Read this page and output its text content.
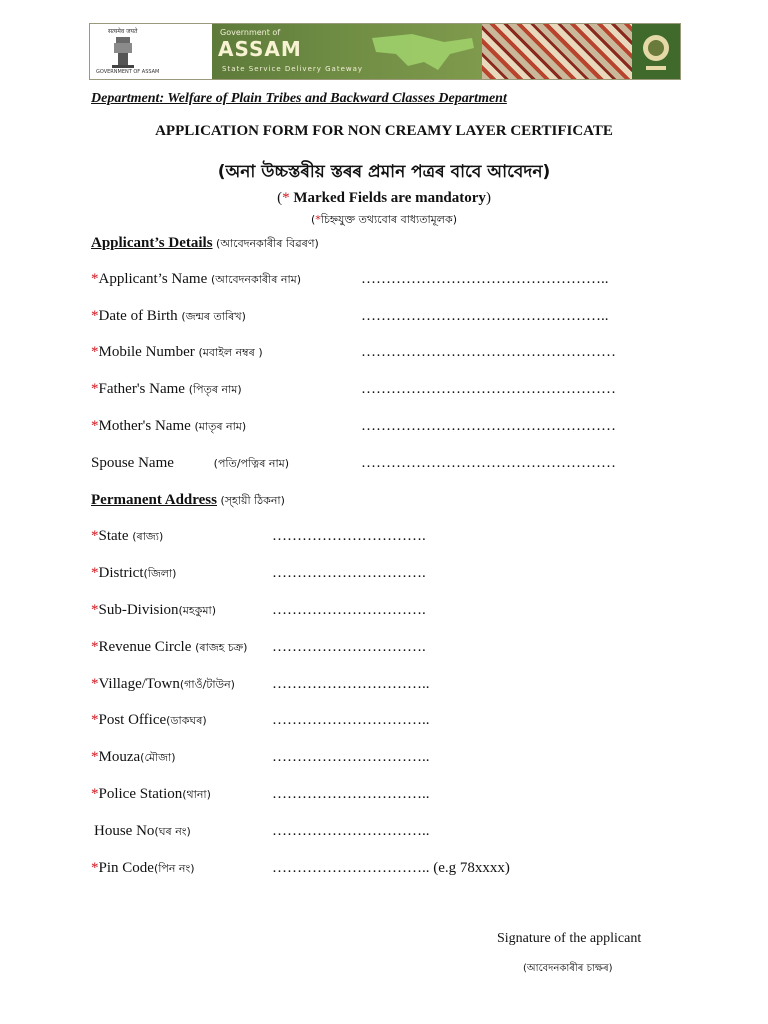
सत्यमेव जयते
GOVERNMENT OF ASSAM
Government of
ASSAM
State Service Delivery Gateway
Department: Welfare of Plain Tribes and Backward Classes Department
APPLICATION FORM FOR NON CREAMY LAYER CERTIFICATE
(অনা উচ্চস্তৰীয় স্তৰৰ প্ৰমান পত্ৰৰ বাবে আবেদন)
(* Marked Fields are mandatory)
(*চিহ্নযুক্ত তথ্যবোৰ বাধ্যতামূলক)
Applicant’s Details (আবেদনকাৰীৰ বিৱৰণ)
*Applicant’s Name (আবেদনকাৰীৰ নাম)	…………………………………………..
*Date of Birth (জন্মৰ তাৰিখ)	…………………………………………..
*Mobile Number (মবাইল নম্বৰ )	……………………………………………
*Father's Name (পিতৃৰ নাম)	……………………………………………
*Mother's Name (মাতৃৰ নাম)	……………………………………………
Spouse Name	(পতি/পত্নিৰ নাম)	……………………………………………
Permanent Address (স্হায়ী ঠিকনা)
*State (ৰাজ্য)	………………………….
*District(জিলা)	………………………….
*Sub-Division(মহকুমা)	………………………….
*Revenue Circle (ৰাজহ চক্ৰ) ………………………….
*Village/Town(গাওঁ/টাউন) …………………………..
*Post Office(ডাকঘৰ)	…………………………..
*Mouza(মৌজা)	…………………………..
*Police Station(থানা)	…………………………..
House No(ঘৰ নং)	…………………………..
*Pin Code(পিন নং)	………………………….. (e.g 78xxxx)
Signature of the applicant
(আবেদনকাৰীৰ চাক্ষৰ)
